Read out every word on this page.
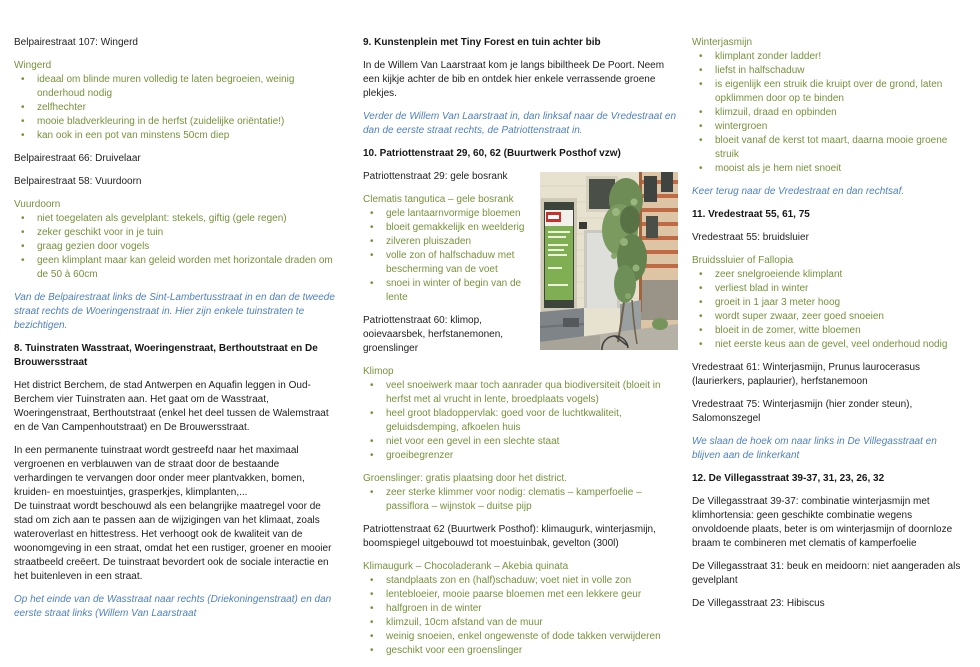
Belpairestraat 107: Wingerd
Wingerd
• ideaal om blinde muren volledig te laten begroeien, weinig onderhoud nodig
• zelfhechter
• mooie bladverkleuring in de herfst (zuidelijke oriëntatie!)
• kan ook in een pot van minstens 50cm diep
Belpairestraat 66: Druivelaar
Belpairestraat 58: Vuurdoorn
Vuurdoorn
• niet toegelaten als gevelplant: stekels, giftig (gele regen)
• zeker geschikt voor in je tuin
• graag gezien door vogels
• geen klimplant maar kan geleid worden met horizontale draden om de 50 à 60cm
Van de Belpairestraat links de Sint-Lambertusstraat in en dan de tweede straat rechts de Woeringenstraat in. Hier zijn enkele tuinstraten te bezichtigen.
8. Tuinstraten Wasstraat, Woeringenstraat, Berthoutstraat en De Brouwersstraat
Het district Berchem, de stad Antwerpen en Aquafin leggen in Oud-Berchem vier Tuinstraten aan. Het gaat om de Wasstraat, Woeringenstraat, Berthoutstraat (enkel het deel tussen de Walemstraat en de Van Campenhoutstraat) en De Brouwersstraat.
In een permanente tuinstraat wordt gestreefd naar het maximaal vergroenen en verblauwen van de straat door de bestaande verhardingen te vervangen door onder meer plantvakken, bomen, kruiden- en moestuintjes, grasperkjes, klimplanten,...
De tuinstraat wordt beschouwd als een belangrijke maatregel voor de stad om zich aan te passen aan de wijzigingen van het klimaat, zoals wateroverlast en hittestress. Het verhoogt ook de kwaliteit van de woonomgeving in een straat, omdat het een rustiger, groener en mooier straatbeeld creëert. De tuinstraat bevordert ook de sociale interactie en het buitenleven in een straat.
Op het einde van de Wasstraat naar rechts (Driekoningenstraat) en dan eerste straat links (Willem Van Laarstraat
9. Kunstenplein met Tiny Forest en tuin achter bib
In de Willem Van Laarstraat kom je langs bibiltheek De Poort. Neem een kijkje achter de bib en ontdek hier enkele verrassende groene plekjes.
Verder de Willem Van Laarstraat in, dan linksaf naar de Vredestraat en dan de eerste straat rechts, de Patriottenstraat in.
10. Patriottenstraat 29, 60, 62 (Buurtwerk Posthof vzw)
Patriottenstraat 29: gele bosrank
Clematis tangutica – gele bosrank
• gele lantaarnvormige bloemen
• bloeit gemakkelijk en weelderig
• zilveren pluiszaden
• volle zon of halfschaduw met bescherming van de voet
• snoei in winter of begin van de lente
Patriottenstraat 60: klimop, ooievaarsbek, herfstanemonen, groenslinger
Klimop
• veel snoeiwerk maar toch aanrader qua biodiversiteit (bloeit in herfst met al vrucht in lente, broedplaats vogels)
• heel groot bladoppervlak: goed voor de luchtkwaliteit, geluidsdemping, afkoelen huis
• niet voor een gevel in een slechte staat
• groeibegrenzer
Groenslinger: gratis plaatsing door het district.
• zeer sterke klimmer voor nodig: clematis – kamperfoelie – passiflora – wijnstok – duitse pijp
Patriottenstraat 62 (Buurtwerk Posthof): klimaugurk, winterjasmijn, boomspiegel uitgebouwd tot moestuinbak, gevelton (300l)
Klimaugurk – Chocoladerank – Akebia quinata
• standplaats zon en (half)schaduw; voet niet in volle zon
• lentebloeier, mooie paarse bloemen met een lekkere geur
• halfgroen in de winter
• klimzuil, 10cm afstand van de muur
• weinig snoeien, enkel ongewenste of dode takken verwijderen
• geschikt voor een groenslinger
Winterjasmijn
• klimplant zonder ladder!
• liefst in halfschaduw
• is eigenlijk een struik die kruipt over de grond, laten opklimmen door op te binden
• klimzuil, draad en opbinden
• wintergroen
• bloeit vanaf de kerst tot maart, daarna mooie groene struik
• mooist als je hem niet snoeit
Keer terug naar de Vredestraat en dan rechtsaf.
11. Vredestraat 55, 61, 75
Vredestraat 55: bruidsluier
Bruidssluier of Fallopia
• zeer snelgroeiende klimplant
• verliest blad in winter
• groeit in 1 jaar 3 meter hoog
• wordt super zwaar, zeer goed snoeien
• bloeit in de zomer, witte bloemen
• niet eerste keus aan de gevel, veel onderhoud nodig
Vredestraat 61: Winterjasmijn, Prunus laurocerasus (laurierkers, paplaurier), herfstanemoon
Vredestraat 75: Winterjasmijn (hier zonder steun), Salomonszegel
We slaan de hoek om naar links in De Villegasstraat en blijven aan de linkerkant
12. De Villegasstraat 39-37, 31, 23, 26, 32
De Villegasstraat 39-37: combinatie winterjasmijn met klimhortensia: geen geschikte combinatie wegens onvoldoende plaats, beter is om winterjasmijn of doornloze braam te combineren met clematis of kamperfoelie
De Villegasstraat 31: beuk en meidoorn: niet aangeraden als gevelplant
De Villegasstraat 23: Hibiscus
